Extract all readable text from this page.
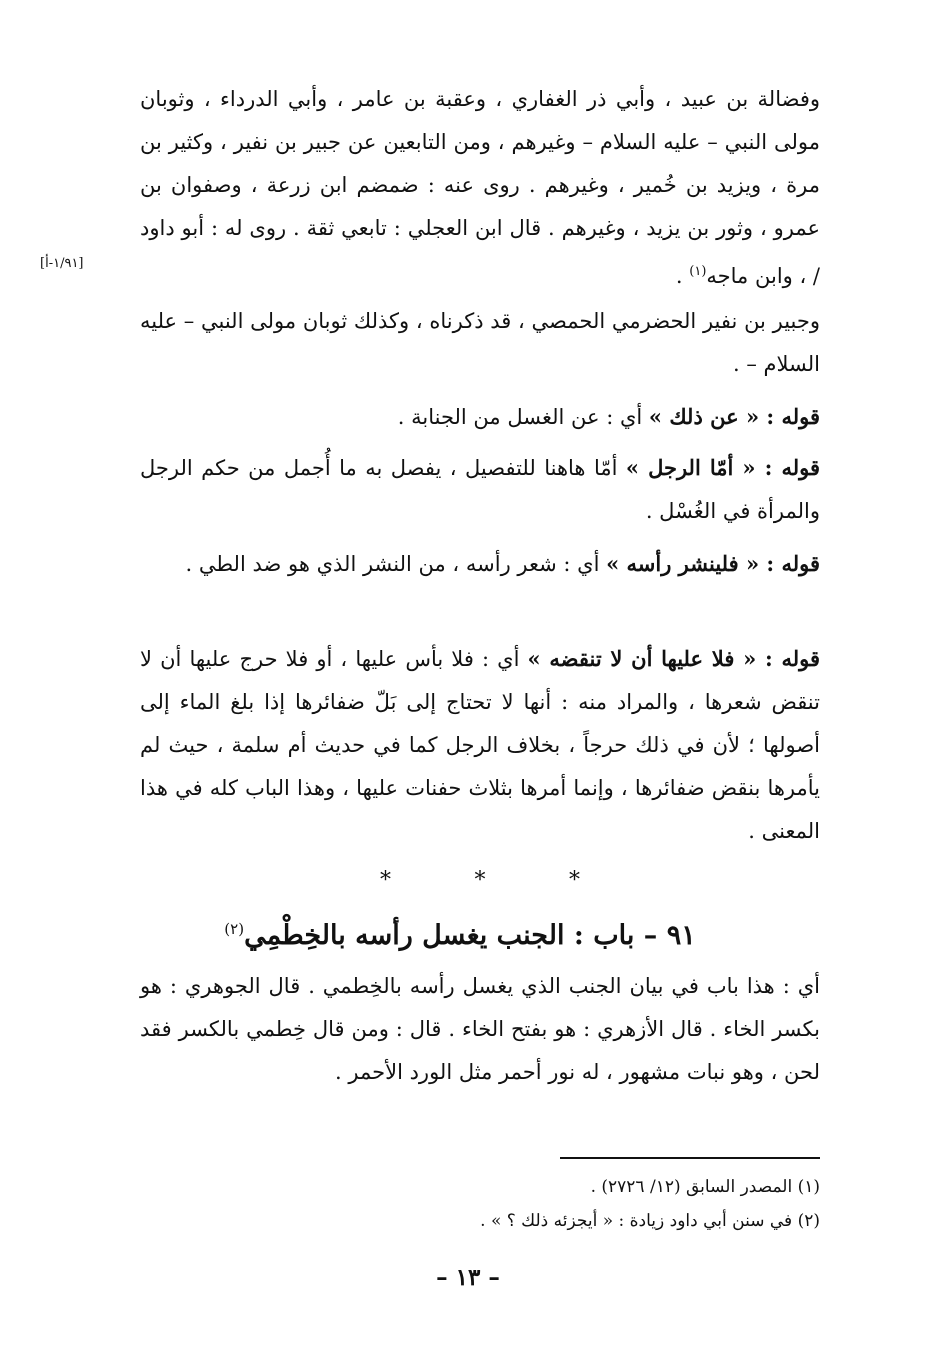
وفضالة بن عبيد ، وأبي ذر الغفاري ، وعقبة بن عامر ، وأبي الدرداء ، وثوبان مولى النبي – عليه السلام – وغيرهم ، ومن التابعين عن جبير بن نفير ، وكثير بن مرة ، ويزيد بن خُمير ، وغيرهم . روى عنه : ضمضم ابن زرعة ، وصفوان بن عمرو ، وثور بن يزيد ، وغيرهم . قال ابن العجلي : تابعي ثقة . روى له : أبو داود / ، وابن ماجه$^{(١)}$ .

[١/٩١-أ]

وجبير بن نفير الحضرمي الحمصي ، قد ذكرناه ، وكذلك ثوبان مولى النبي – عليه السلام – .

قوله : « عن ذلك » أي : عن الغسل من الجنابة .

قوله : « أمّا الرجل » أمّا هاهنا للتفصيل ، يفصل به ما أُجمل من حكم الرجل والمرأة في الغُسْل .

قوله : « فلينشر رأسه » أي : شعر رأسه ، من النشر الذي هو ضد الطي .

قوله : « فلا عليها أن لا تنقضه » أي : فلا بأس عليها ، أو فلا حرج عليها أن لا تنقض شعرها ، والمراد منه : أنها لا تحتاج إلى بَلّ ضفائرها إذا بلغ الماء إلى أصولها ؛ لأن في ذلك حرجاً ، بخلاف الرجل كما في حديث أم سلمة ، حيث لم يأمرها بنقض ضفائرها ، وإنما أمرها بثلاث حفنات عليها ، وهذا الباب كله في هذا المعنى .

*	*	*
٩١ – باب : الجنب يغسل رأسه بالخِطْمِي$^{(٢)}$

أي : هذا باب في بيان الجنب الذي يغسل رأسه بالخِطمي . قال الجوهري : هو بكسر الخاء . قال الأزهري : هو بفتح الخاء . قال : ومن قال خِطمي بالكسر فقد لحن ، وهو نبات مشهور ، له نور أحمر مثل الورد الأحمر .

(١) المصدر السابق (١٢/ ٢٧٢٦) .
(٢) في سنن أبي داود زيادة : « أيجزئه ذلك ؟ » .
– ١٣ –
